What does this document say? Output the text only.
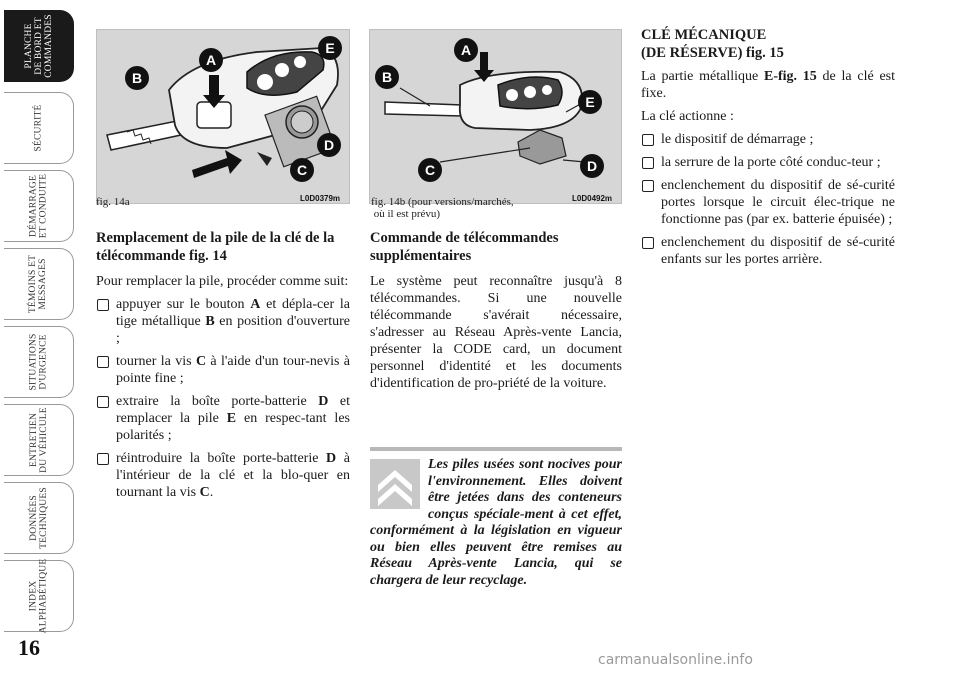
PLANCHE
DE BORD ET
COMMANDES
SÉCURITÉ
DÉMARRAGE
ET CONDUITE
TÉMOINS ET
MESSAGES
SITUATIONS
D'URGENCE
ENTRETIEN
DU VÉHICULE
DONNÉES
TECHNIQUES
INDEX
ALPHABÉTIQUE
16
B
A
E
D
C
fig. 14a	L0D0379m
A
B
E
C	D
fig. 14b (pour versions/marchés,
où il est prévu)
L0D0492m
Remplacement de la pile de la clé de la télécommande fig. 14

Pour remplacer la pile, procéder comme suit:

appuyer sur le bouton A et dépla-cer la tige métallique B en position d'ouverture ;
tourner la vis C à l'aide d'un tour-nevis à pointe fine ;
extraire la boîte porte-batterie D et remplacer la pile E en respec-tant les polarités ;
réintroduire la boîte porte-batterie D à l'intérieur de la clé et la blo-quer en tournant la vis C.
Commande de télécommandes supplémentaires

Le système peut reconnaître jusqu'à 8 télécommandes. Si une nouvelle télécommande s'avérait nécessaire, s'adresser au Réseau Après-vente Lancia, présenter la CODE card, un document personnel d'identité et les documents d'identification de pro-priété de la voiture.

Les piles usées sont nocives pour l'environnement. Elles doivent être jetées dans des conteneurs conçus spéciale-ment à cet effet, conformément à la législation en vigueur ou bien elles peuvent être remises au Réseau Après-vente Lancia, qui se chargera de leur recyclage.

CLÉ MÉCANIQUE
(DE RÉSERVE) fig. 15

La partie métallique E-fig. 15 de la clé est fixe.

La clé actionne :

le dispositif de démarrage ;
la serrure de la porte côté conduc-teur ;
enclenchement du dispositif de sé-curité portes lorsque le circuit élec-trique ne fonctionne pas (par ex. batterie épuisée) ;
enclenchement du dispositif de sé-curité enfants sur les portes arrière.
carmanualsonline.info
